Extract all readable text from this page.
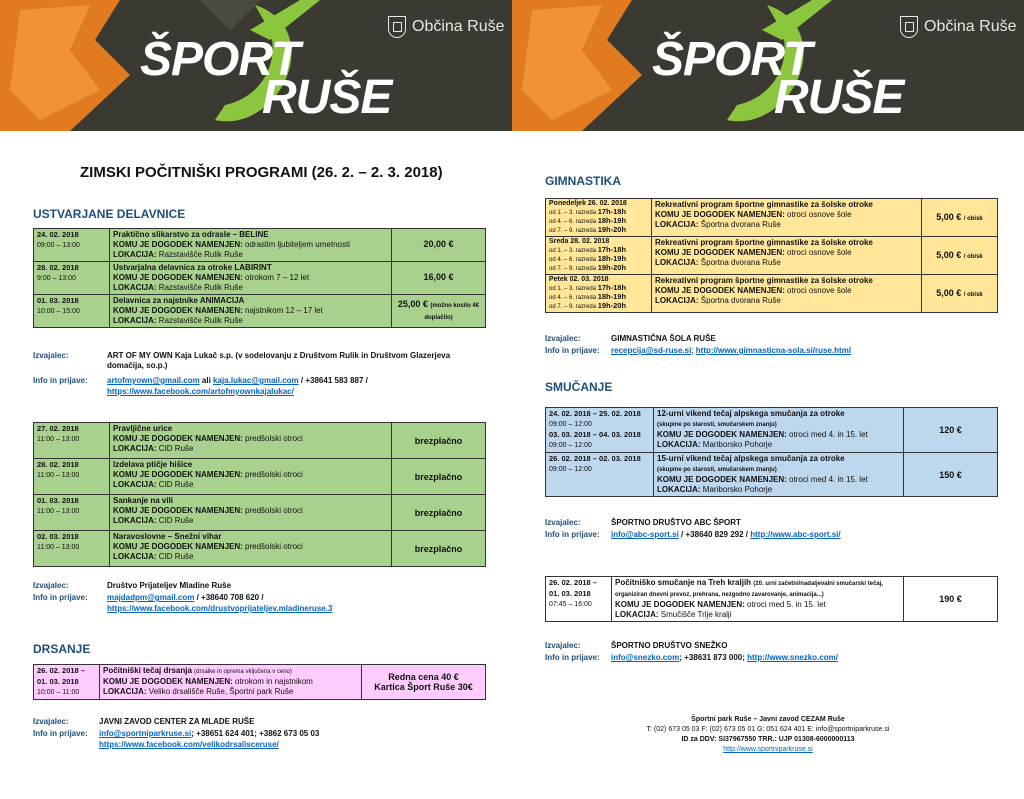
ŠPORT
RUŠE
Občina Ruše
ZIMSKI POČITNIŠKI PROGRAMI (26. 2. – 2. 3. 2018)
USTVARJANE DELAVNICE
24. 02. 2018
09:00 – 13:00	Praktično slikarstvo za odrasle – BELINE
KOMU JE DOGODEK NAMENJEN: odraslim ljubiteljem umetnosti
LOKACIJA: Razstavišče Rulik Ruše	20,00 €
28. 02. 2018
9:00 – 13:00	Ustvarjalna delavnica za otroke LABIRINT
KOMU JE DOGODEK NAMENJEN: otrokom 7 – 12 let
LOKACIJA: Razstavišče Rulik Ruše	16,00 €
01. 03. 2018
10:00 – 15:00	Delavnica za najstnike ANIMACIJA
KOMU JE DOGODEK NAMENJEN: najstnikom 12 – 17 let
LOKACIJA: Razstavišče Rulik Ruše	25,00 € (možno kosilo 4€ doplačilo)
Izvajalec:	ART OF MY OWN Kaja Lukač s.p. (v sodelovanju z Društvom Rulik in Društvom Glazerjeva
domačija, so.p.)
Info in prijave: artofmyown@gmail.com ali kaja.lukac@gmail.com / +38641 583 887 /
https://www.facebook.com/artofmyownkajalukac/
27. 02. 2018
11:00 – 13:00	Pravljične urice
KOMU JE DOGODEK NAMENJEN: predšolski otroci
LOKACIJA: CID Ruše	brezplačno
28. 02. 2018
11:00 – 13:00	Izdelava ptičje hišice
KOMU JE DOGODEK NAMENJEN: predšolski otroci
LOKACIJA: CID Ruše	brezplačno
01. 03. 2018
11:00 – 13:00	Sankanje na vili
KOMU JE DOGODEK NAMENJEN: predšolski otroci
LOKACIJA: CID Ruše	brezplačno
02. 03. 2018
11:00 – 13:00	Naravoslovne – Snežni vihar
KOMU JE DOGODEK NAMENJEN: predšolski otroci
LOKACIJA: CID Ruše	brezplačno
Izvajalec:	Društvo Prijateljev Mladine Ruše
Info in prijave: majdadpm@gmail.com / +38640 708 620 /
https://www.facebook.com/drustvoprijateljev.mladineruse.3
DRSANJE
26. 02. 2018 –
01. 03. 2018
10:00 – 11:00	Počitniški tečaj drsanja (drsalke in oprema vključena v ceno)
KOMU JE DOGODEK NAMENJEN: otrokom in najstnikom
LOKACIJA: Veliko drsališče Ruše, Športni park Ruše	Redna cena 40 €
Kartica Šport Ruše 30€
Izvajalec:	JAVNI ZAVOD CENTER ZA MLADE RUŠE
Info in prijave: info@sportniparkruse.si; +38651 624 401; +3862 673 05 03
https://www.facebook.com/velikodrsalisceruse/
ŠPORT
RUŠE
Občina Ruše
GIMNASTIKA
Ponedeljek 26. 02. 2018
od 1. – 3. razreda 17h-18h
od 4. – 6. razreda 18h-19h
od 7. – 9. razreda 19h-20h	Rekreativni program športne gimnastike za šolske otroke
KOMU JE DOGODEK NAMENJEN: otroci osnove šole
LOKACIJA: Športna dvorana Ruše	5,00 € / obisk
Sreda 28. 02. 2018
od 1. – 3. razreda 17h-18h
od 4. – 6. razreda 18h-19h
od 7. – 9. razreda 19h-20h	Rekreativni program športne gimnastike za šolske otroke
KOMU JE DOGODEK NAMENJEN: otroci osnove šole
LOKACIJA: Športna dvorana Ruše	5,00 € / obisk
Petek 02. 03. 2018
od 1. – 3. razreda 17h-18h
od 4. – 6. razreda 18h-19h
od 7. – 9. razreda 19h-20h	Rekreativni program športne gimnastike za šolske otroke
KOMU JE DOGODEK NAMENJEN: otroci osnove šole
LOKACIJA: Športna dvorana Ruše	5,00 € / obisk
Izvajalec:	GIMNASTIČNA ŠOLA RUŠE
Info in prijave: recepcija@sd-ruse.si; http://www.gimnasticna-sola.si/ruse.html
SMUČANJE
24. 02. 2018 – 25. 02. 2018
09:00 – 12:00
03. 03. 2018 – 04. 03. 2018
09:00 – 12:00	12-urni vikend tečaj alpskega smučanja za otroke
(skupine po starosti, smučarskem znanju)
KOMU JE DOGODEK NAMENJEN: otroci med 4. in 15. let
LOKACIJA: Mariborsko Pohorje	120 €
26. 02. 2018 – 02. 03. 2018
09:00 – 12:00	15-urni vikend tečaj alpskega smučanja za otroke
(skupine po starosti, smučarskem znanju)
KOMU JE DOGODEK NAMENJEN: otroci med 4. in 15. let
LOKACIJA: Mariborsko Pohorje	150 €
Izvajalec:	ŠPORTNO DRUŠTVO ABC ŠPORT
Info in prijave: info@abc-sport.si / +38640 829 292 / http://www.abc-sport.si/
26. 02. 2018 –
01. 03. 2018
07:45 – 16:00	Počitniško smučanje na Treh kraljih (20. urni začetni/nadaljevalni smučarski tečaj, organiziran dnevni prevoz, prehrana, nezgodno zavarovanje, animacija...)
KOMU JE DOGODEK NAMENJEN: otroci med 5. in 15. let
LOKACIJA: Smučišče Trije kralji	190 €
Izvajalec:	ŠPORTNO DRUŠTVO SNEŽKO
Info in prijave: info@snezko.com; +38631 873 000; http://www.snezko.com/
Športni park Ruše – Javni zavod CEZAM Ruše
T: (02) 673 05 03 F: (02) 673 05 01 G: 051 624 401 E: info@sportniparkruse.si
ID za DDV: SI37967550 TRR.: UJP 01308-6000000113
http://www.sportniparkruse.si
